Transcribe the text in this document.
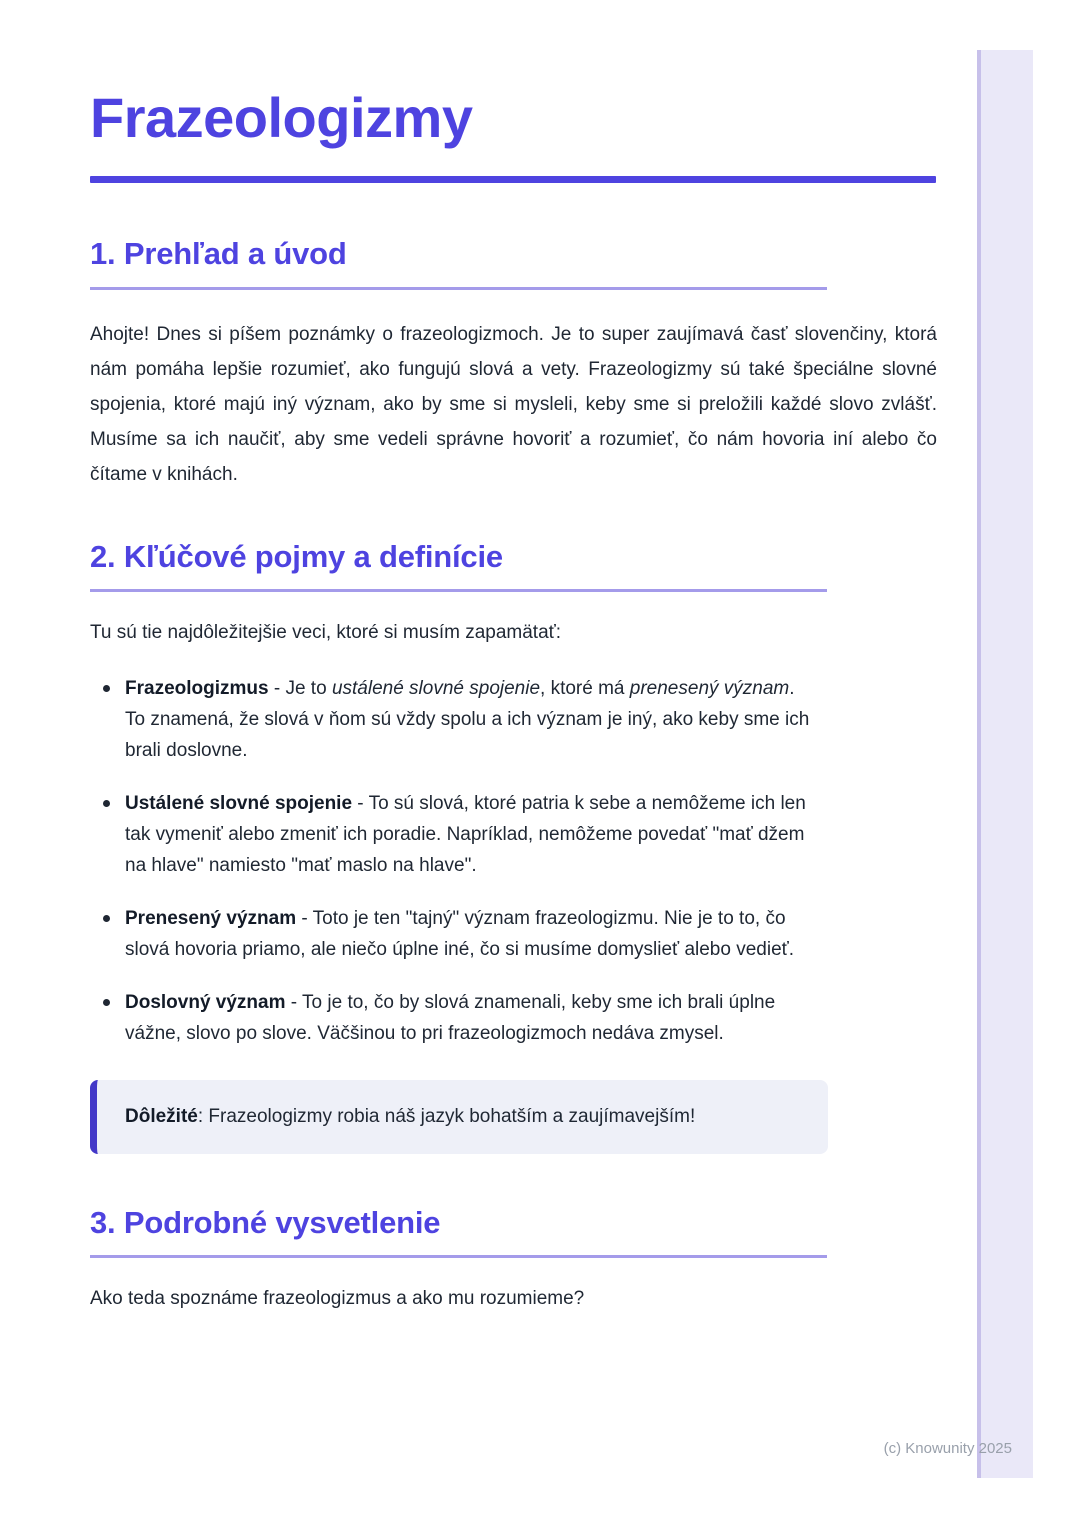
Frazeologizmy
1. Prehľad a úvod

Ahojte! Dnes si píšem poznámky o frazeologizmoch. Je to super zaujímavá časť slovenčiny, ktorá nám pomáha lepšie rozumieť, ako fungujú slová a vety. Frazeologizmy sú také špeciálne slovné spojenia, ktoré majú iný význam, ako by sme si mysleli, keby sme si preložili každé slovo zvlášť. Musíme sa ich naučiť, aby sme vedeli správne hovoriť a rozumieť, čo nám hovoria iní alebo čo čítame v knihách.

2. Kľúčové pojmy a definície

Tu sú tie najdôležitejšie veci, ktoré si musím zapamätať:

Frazeologizmus - Je to ustálené slovné spojenie, ktoré má prenesený význam. To znamená, že slová v ňom sú vždy spolu a ich význam je iný, ako keby sme ich brali doslovne.
Ustálené slovné spojenie - To sú slová, ktoré patria k sebe a nemôžeme ich len tak vymeniť alebo zmeniť ich poradie. Napríklad, nemôžeme povedať "mať džem na hlave" namiesto "mať maslo na hlave".
Prenesený význam - Toto je ten "tajný" význam frazeologizmu. Nie je to to, čo slová hovoria priamo, ale niečo úplne iné, čo si musíme domyslieť alebo vedieť.
Doslovný význam - To je to, čo by slová znamenali, keby sme ich brali úplne vážne, slovo po slove. Väčšinou to pri frazeologizmoch nedáva zmysel.
Dôležité: Frazeologizmy robia náš jazyk bohatším a zaujímavejším!
3. Podrobné vysvetlenie

Ako teda spoznáme frazeologizmus a ako mu rozumieme?

(c) Knowunity 2025
